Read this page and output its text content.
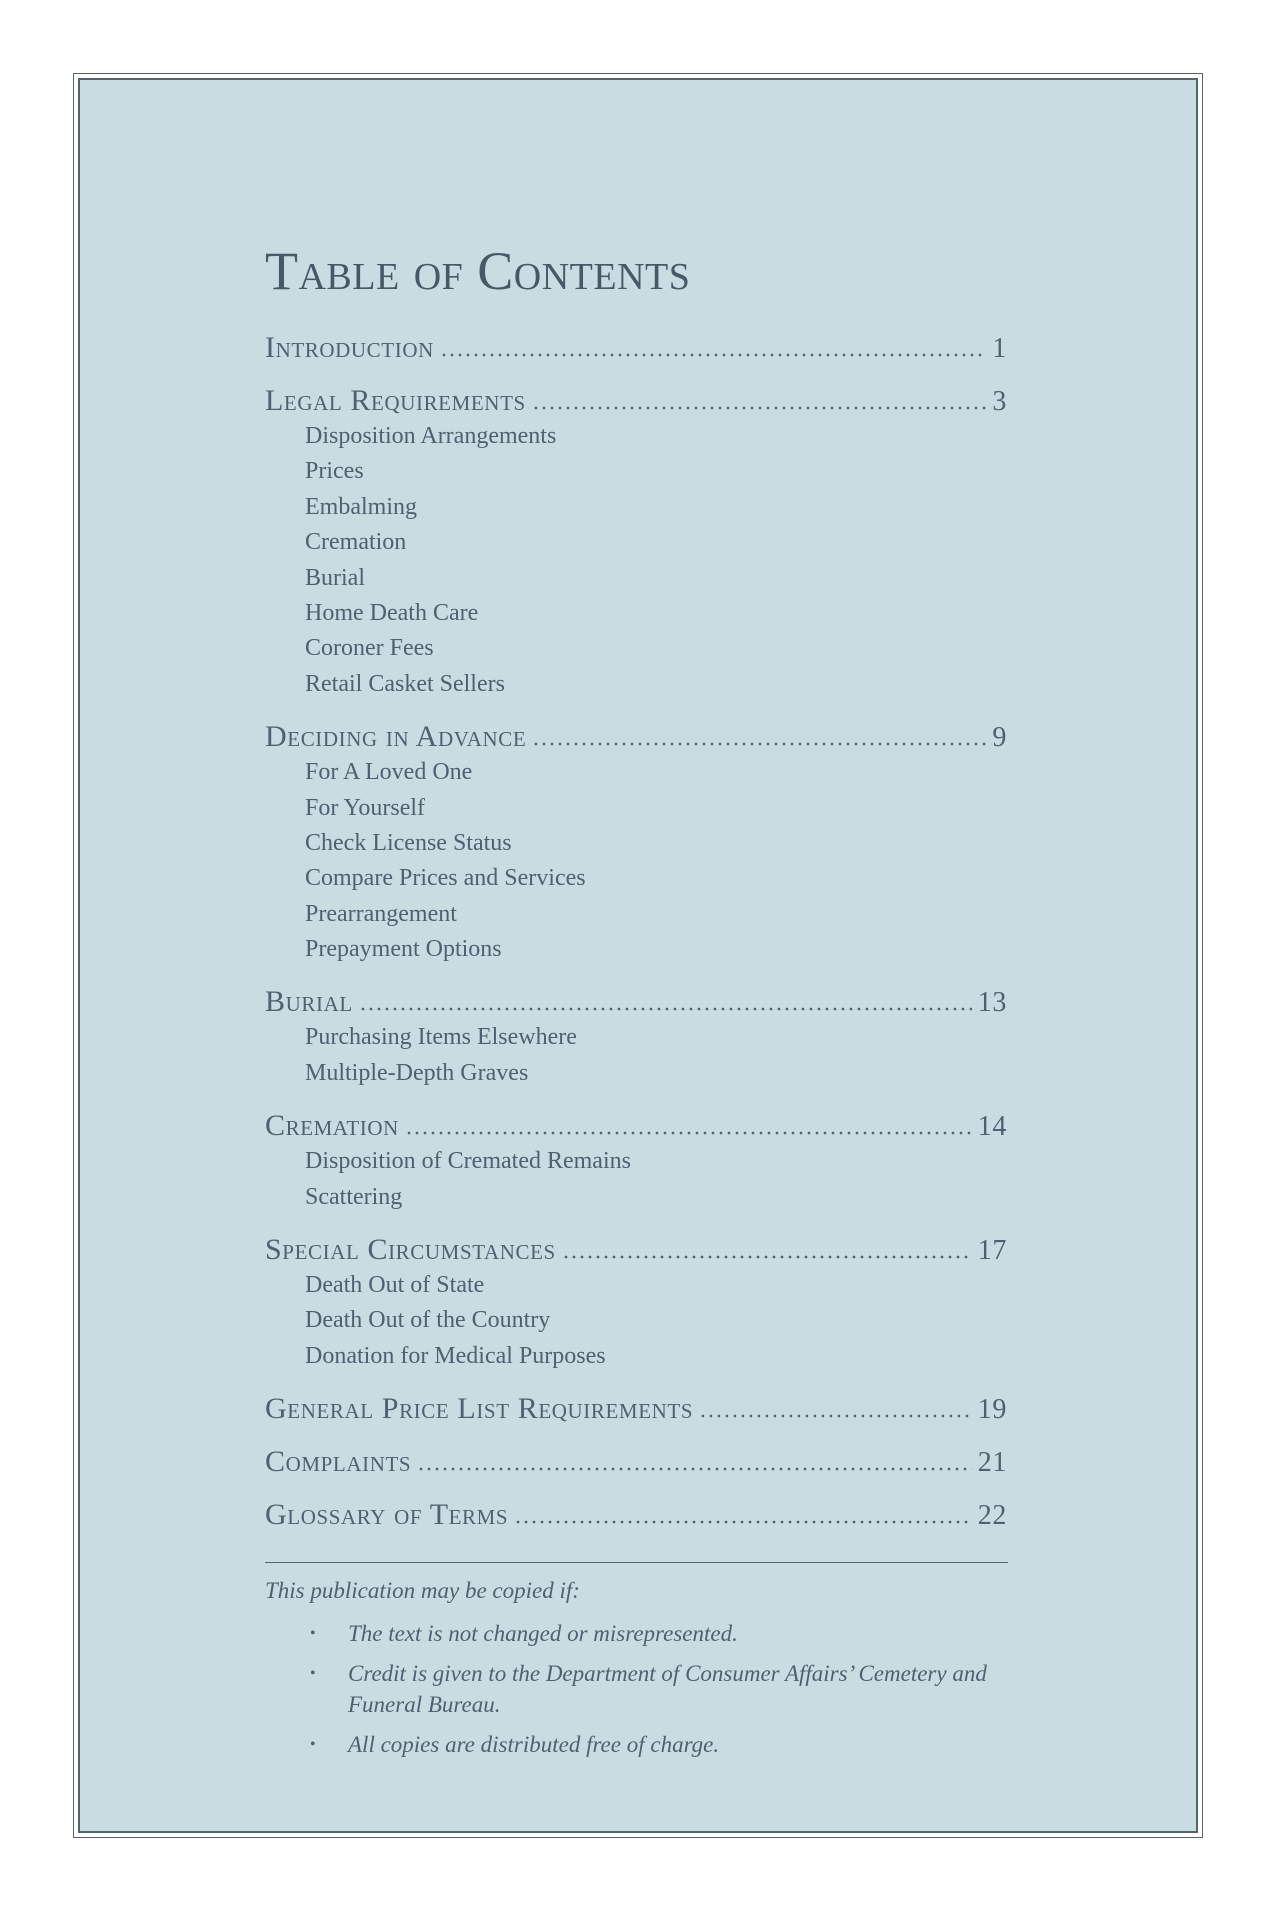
Table of Contents
Introduction	1
Legal Requirements	3
Disposition Arrangements
Prices
Embalming
Cremation
Burial
Home Death Care
Coroner Fees
Retail Casket Sellers
Deciding in Advance	9
For A Loved One
For Yourself
Check License Status
Compare Prices and Services
Prearrangement
Prepayment Options
Burial	13
Purchasing Items Elsewhere
Multiple-Depth Graves
Cremation	14
Disposition of Cremated Remains
Scattering
Special Circumstances	17
Death Out of State
Death Out of the Country
Donation for Medical Purposes
General Price List Requirements	19
Complaints	21
Glossary of Terms	22
This publication may be copied if:
• The text is not changed or misrepresented.
• Credit is given to the Department of Consumer Affairs’ Cemetery and Funeral Bureau.
• All copies are distributed free of charge.
